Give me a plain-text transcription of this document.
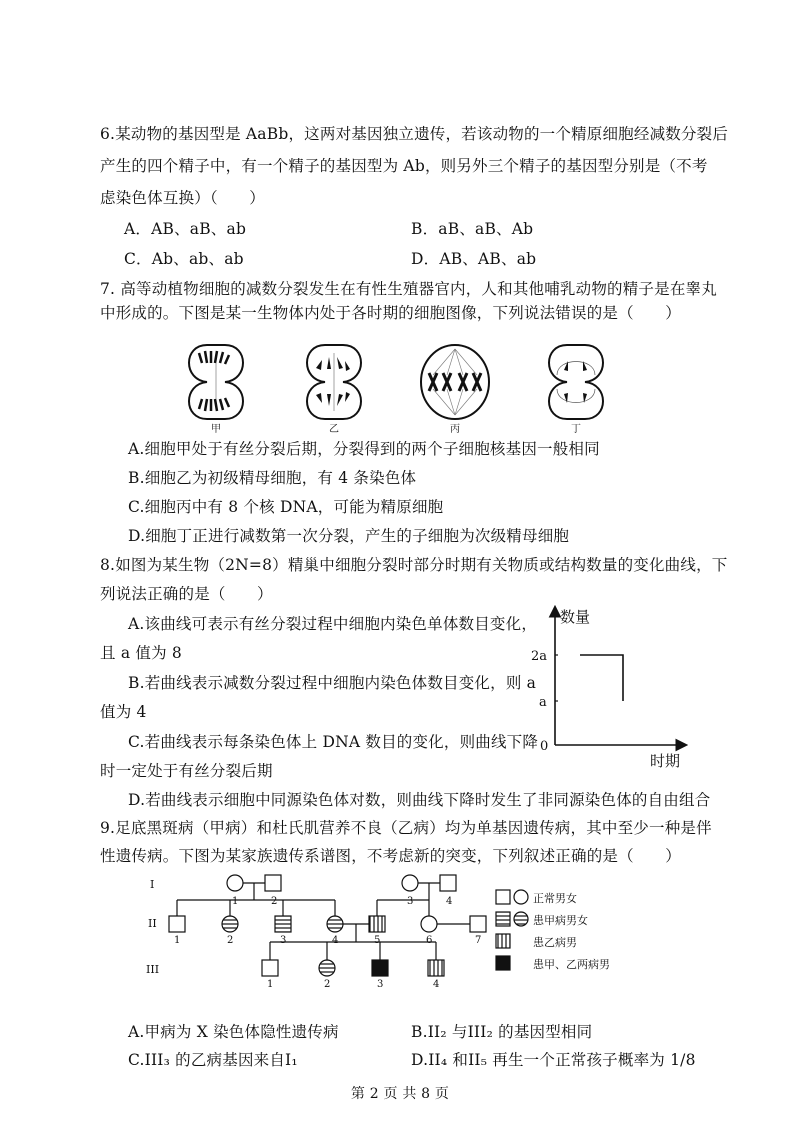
6.某动物的基因型是 AaBb，这两对基因独立遗传，若该动物的一个精原细胞经减数分裂后
产生的四个精子中，有一个精子的基因型为 Ab，则另外三个精子的基因型分别是（不考
虑染色体互换）（　　）
A．AB、aB、ab	B．aB、aB、Ab
C．Ab、ab、ab	D．AB、AB、ab
7. 高等动植物细胞的减数分裂发生在有性生殖器官内，人和其他哺乳动物的精子是在睾丸
中形成的。下图是某一生物体内处于各时期的细胞图像，下列说法错误的是（　　）
甲	乙	丙	丁
A.细胞甲处于有丝分裂后期，分裂得到的两个子细胞核基因一般相同
B.细胞乙为初级精母细胞，有 4 条染色体
C.细胞丙中有 8 个核 DNA，可能为精原细胞
D.细胞丁正进行减数第一次分裂，产生的子细胞为次级精母细胞
8.如图为某生物（2N=8）精巢中细胞分裂时部分时期有关物质或结构数量的变化曲线，下
列说法正确的是（　　）
A.该曲线可表示有丝分裂过程中细胞内染色单体数目变化，
且 a 值为 8
B.若曲线表示减数分裂过程中细胞内染色体数目变化，则 a
值为 4
C.若曲线表示每条染色体上 DNA 数目的变化，则曲线下降
时一定处于有丝分裂后期
D.若曲线表示细胞中同源染色体对数，则曲线下降时发生了非同源染色体的自由组合
数量
时期
2a
a
0
9.足底黑斑病（甲病）和杜氏肌营养不良（乙病）均为单基因遗传病，其中至少一种是伴
性遗传病。下图为某家族遗传系谱图，不考虑新的突变，下列叙述正确的是（　　）
I
II
III
1	2	3	4
1	2	3	4	5	6	7
1	2	3	4
正常男女
患甲病男女
患乙病男
患甲、乙两病男
A.甲病为 X 染色体隐性遗传病	B.II₂ 与III₂ 的基因型相同
C.III₃ 的乙病基因来自I₁	D.II₄ 和II₅ 再生一个正常孩子概率为 1/8
第 2 页 共 8 页
